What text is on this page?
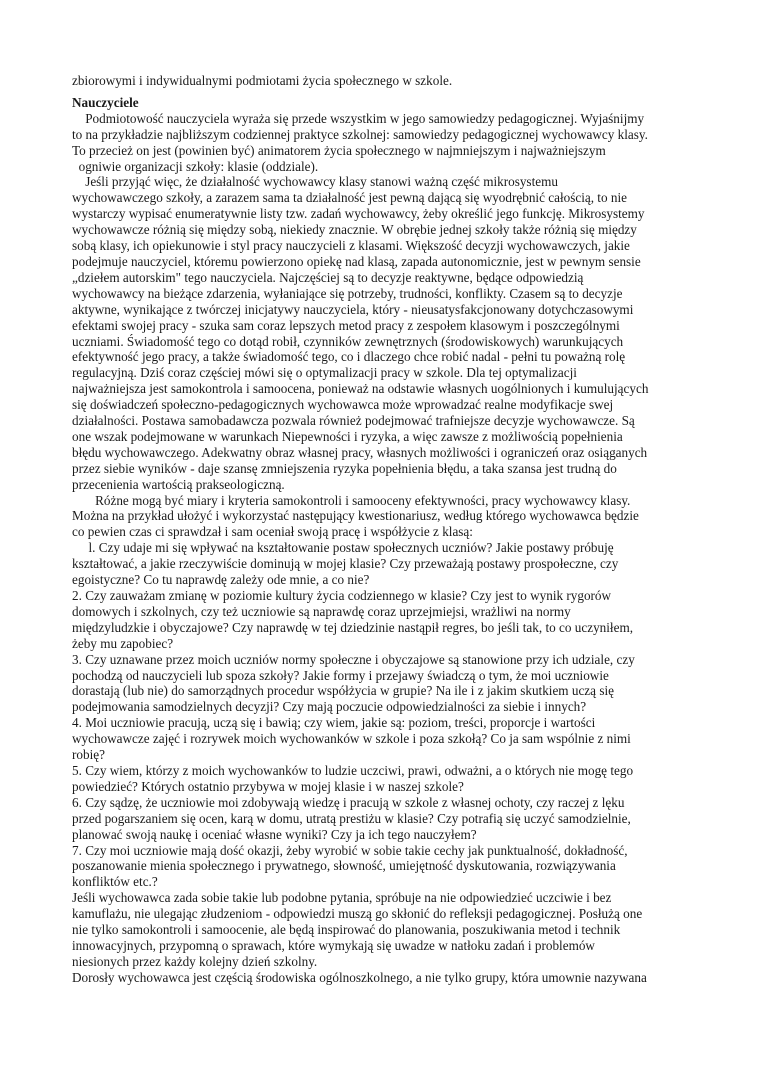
zbiorowymi i indywidualnymi podmiotami życia społecznego w szkole.
Nauczyciele
Podmiotowość nauczyciela wyraża się przede wszystkim w jego samowiedzy pedagogicznej. Wyjaśnijmy
to na przykładzie najbliższym codziennej praktyce szkolnej: samowiedzy pedagogicznej wychowawcy klasy.
To przecież on jest (powinien być) animatorem życia społecznego w najmniejszym i najważniejszym
ogniwie organizacji szkoły: klasie (oddziale).
Jeśli przyjąć więc, że działalność wychowawcy klasy stanowi ważną część mikrosystemu
wychowawczego szkoły, a zarazem sama ta działalność jest pewną dającą się wyodrębnić całością, to nie
wystarczy wypisać enumeratywnie listy tzw. zadań wychowawcy, żeby określić jego funkcję. Mikrosystemy
wychowawcze różnią się między sobą, niekiedy znacznie. W obrębie jednej szkoły także różnią się między
sobą klasy, ich opiekunowie i styl pracy nauczycieli z klasami. Większość decyzji wychowawczych, jakie
podejmuje nauczyciel, któremu powierzono opiekę nad klasą, zapada autonomicznie, jest w pewnym sensie
„dziełem autorskim" tego nauczyciela. Najczęściej są to decyzje reaktywne, będące odpowiedzią
wychowawcy na bieżące zdarzenia, wyłaniające się potrzeby, trudności, konflikty. Czasem są to decyzje
aktywne, wynikające z twórczej inicjatywy nauczyciela, który - nieusatysfakcjonowany dotychczasowymi
efektami swojej pracy - szuka sam coraz lepszych metod pracy z zespołem klasowym i poszczególnymi
uczniami. Świadomość tego co dotąd robił, czynników zewnętrznych (środowiskowych) warunkujących
efektywność jego pracy, a także świadomość tego, co i dlaczego chce robić nadal - pełni tu poważną rolę
regulacyjną. Dziś coraz częściej mówi się o optymalizacji pracy w szkole. Dla tej optymalizacji
najważniejsza jest samokontrola i samoocena, ponieważ na odstawie własnych uogólnionych i kumulujących
się doświadczeń społeczno-pedagogicznych wychowawca może wprowadzać realne modyfikacje swej
działalności. Postawa samobadawcza pozwala również podejmować trafniejsze decyzje wychowawcze. Są
one wszak podejmowane w warunkach Niepewności i ryzyka, a więc zawsze z możliwością popełnienia
błędu wychowawczego. Adekwatny obraz własnej pracy, własnych możliwości i ograniczeń oraz osiąganych
przez siebie wyników - daje szansę zmniejszenia ryzyka popełnienia błędu, a taka szansa jest trudną do
przecenienia wartością prakseologiczną.
Różne mogą być miary i kryteria samokontroli i samooceny efektywności, pracy wychowawcy klasy.
Można na przykład ułożyć i wykorzystać następujący kwestionariusz, według którego wychowawca będzie
co pewien czas ci sprawdzał i sam oceniał swoją pracę i współżycie z klasą:
l. Czy udaje mi się wpływać na kształtowanie postaw społecznych uczniów? Jakie postawy próbuję
kształtować, a jakie rzeczywiście dominują w mojej klasie? Czy przeważają postawy prospołeczne, czy
egoistyczne? Co tu naprawdę zależy ode mnie, a co nie?
2. Czy zauważam zmianę w poziomie kultury życia codziennego w klasie? Czy jest to wynik rygorów
domowych i szkolnych, czy też uczniowie są naprawdę coraz uprzejmiejsi, wrażliwi na normy
międzyludzkie i obyczajowe? Czy naprawdę w tej dziedzinie nastąpił regres, bo jeśli tak, to co uczyniłem,
żeby mu zapobiec?
3. Czy uznawane przez moich uczniów normy społeczne i obyczajowe są stanowione przy ich udziale, czy
pochodzą od nauczycieli lub spoza szkoły? Jakie formy i przejawy świadczą o tym, że moi uczniowie
dorastają (lub nie) do samorządnych procedur współżycia w grupie? Na ile i z jakim skutkiem uczą się
podejmowania samodzielnych decyzji? Czy mają poczucie odpowiedzialności za siebie i innych?
4. Moi uczniowie pracują, uczą się i bawią; czy wiem, jakie są: poziom, treści, proporcje i wartości
wychowawcze zajęć i rozrywek moich wychowanków w szkole i poza szkołą? Co ja sam wspólnie z nimi
robię?
5. Czy wiem, którzy z moich wychowanków to ludzie uczciwi, prawi, odważni, a o których nie mogę tego
powiedzieć? Których ostatnio przybywa w mojej klasie i w naszej szkole?
6. Czy sądzę, że uczniowie moi zdobywają wiedzę i pracują w szkole z własnej ochoty, czy raczej z lęku
przed pogarszaniem się ocen, karą w domu, utratą prestiżu w klasie? Czy potrafią się uczyć samodzielnie,
planować swoją naukę i oceniać własne wyniki? Czy ja ich tego nauczyłem?
7. Czy moi uczniowie mają dość okazji, żeby wyrobić w sobie takie cechy jak punktualność, dokładność,
poszanowanie mienia społecznego i prywatnego, słowność, umiejętność dyskutowania, rozwiązywania
konfliktów etc.?
Jeśli wychowawca zada sobie takie lub podobne pytania, spróbuje na nie odpowiedzieć uczciwie i bez
kamuflażu, nie ulegając złudzeniom - odpowiedzi muszą go skłonić do refleksji pedagogicznej. Posłużą one
nie tylko samokontroli i samoocenie, ale będą inspirować do planowania, poszukiwania metod i technik
innowacyjnych, przypomną o sprawach, które wymykają się uwadze w natłoku zadań i problemów
niesionych przez każdy kolejny dzień szkolny.
Dorosły wychowawca jest częścią środowiska ogólnoszkolnego, a nie tylko grupy, która umownie nazywana
